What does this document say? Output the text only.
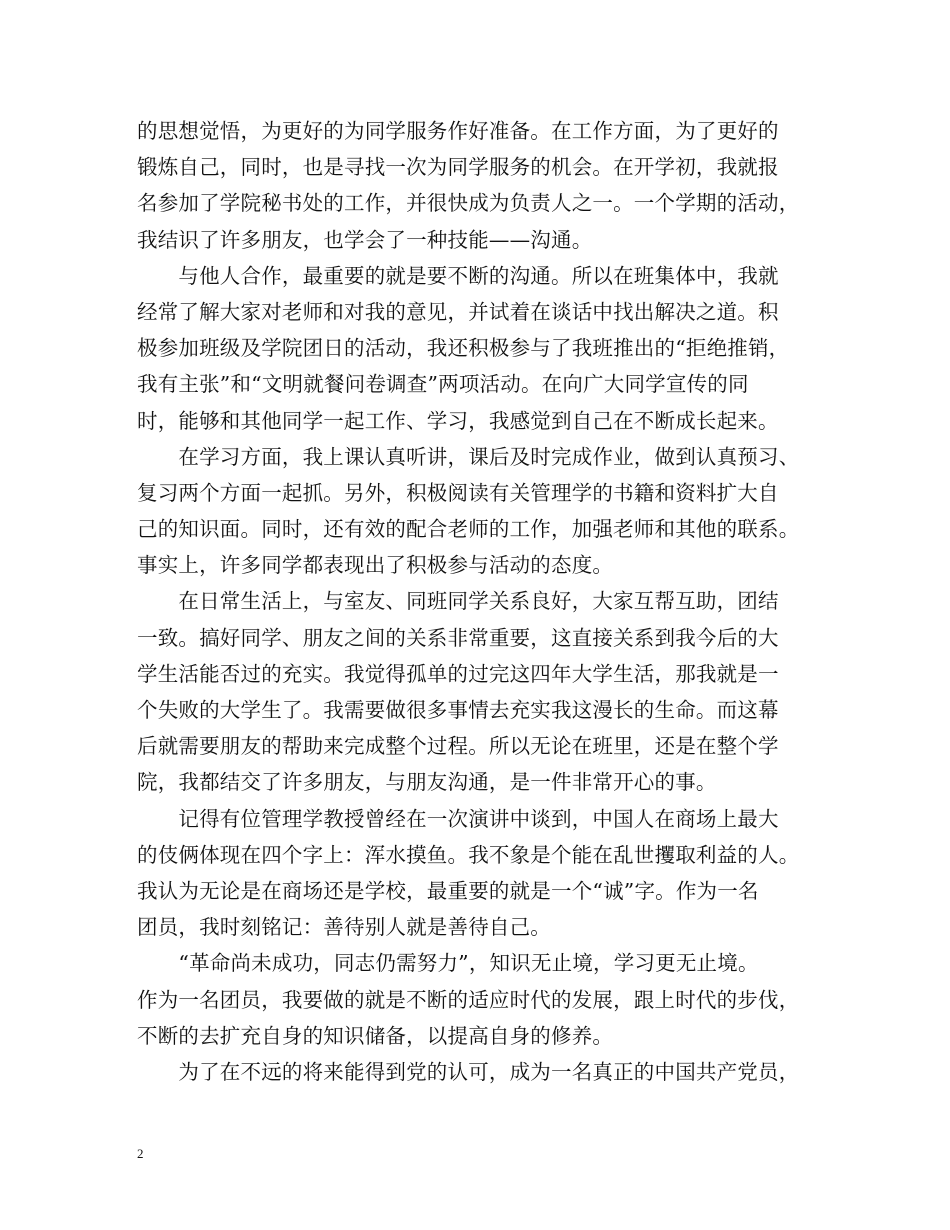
的思想觉悟，为更好的为同学服务作好准备。在工作方面，为了更好的
锻炼自己，同时，也是寻找一次为同学服务的机会。在开学初，我就报
名参加了学院秘书处的工作，并很快成为负责人之一。一个学期的活动，
我结识了许多朋友，也学会了一种技能——沟通。
　　与他人合作，最重要的就是要不断的沟通。所以在班集体中，我就
经常了解大家对老师和对我的意见，并试着在谈话中找出解决之道。积
极参加班级及学院团日的活动，我还积极参与了我班推出的“拒绝推销，
我有主张”和“文明就餐问卷调查”两项活动。在向广大同学宣传的同
时，能够和其他同学一起工作、学习，我感觉到自己在不断成长起来。
　　在学习方面，我上课认真听讲，课后及时完成作业，做到认真预习、
复习两个方面一起抓。另外，积极阅读有关管理学的书籍和资料扩大自
己的知识面。同时，还有效的配合老师的工作，加强老师和其他的联系。
事实上，许多同学都表现出了积极参与活动的态度。
　　在日常生活上，与室友、同班同学关系良好，大家互帮互助，团结
一致。搞好同学、朋友之间的关系非常重要，这直接关系到我今后的大
学生活能否过的充实。我觉得孤单的过完这四年大学生活，那我就是一
个失败的大学生了。我需要做很多事情去充实我这漫长的生命。而这幕
后就需要朋友的帮助来完成整个过程。所以无论在班里，还是在整个学
院，我都结交了许多朋友，与朋友沟通，是一件非常开心的事。
　　记得有位管理学教授曾经在一次演讲中谈到，中国人在商场上最大
的伎俩体现在四个字上：浑水摸鱼。我不象是个能在乱世攫取利益的人。
我认为无论是在商场还是学校，最重要的就是一个“诚”字。作为一名
团员，我时刻铭记：善待别人就是善待自己。
　　“革命尚未成功，同志仍需努力”，知识无止境，学习更无止境。
作为一名团员，我要做的就是不断的适应时代的发展，跟上时代的步伐，
不断的去扩充自身的知识储备，以提高自身的修养。
　　为了在不远的将来能得到党的认可，成为一名真正的中国共产党员，
2
